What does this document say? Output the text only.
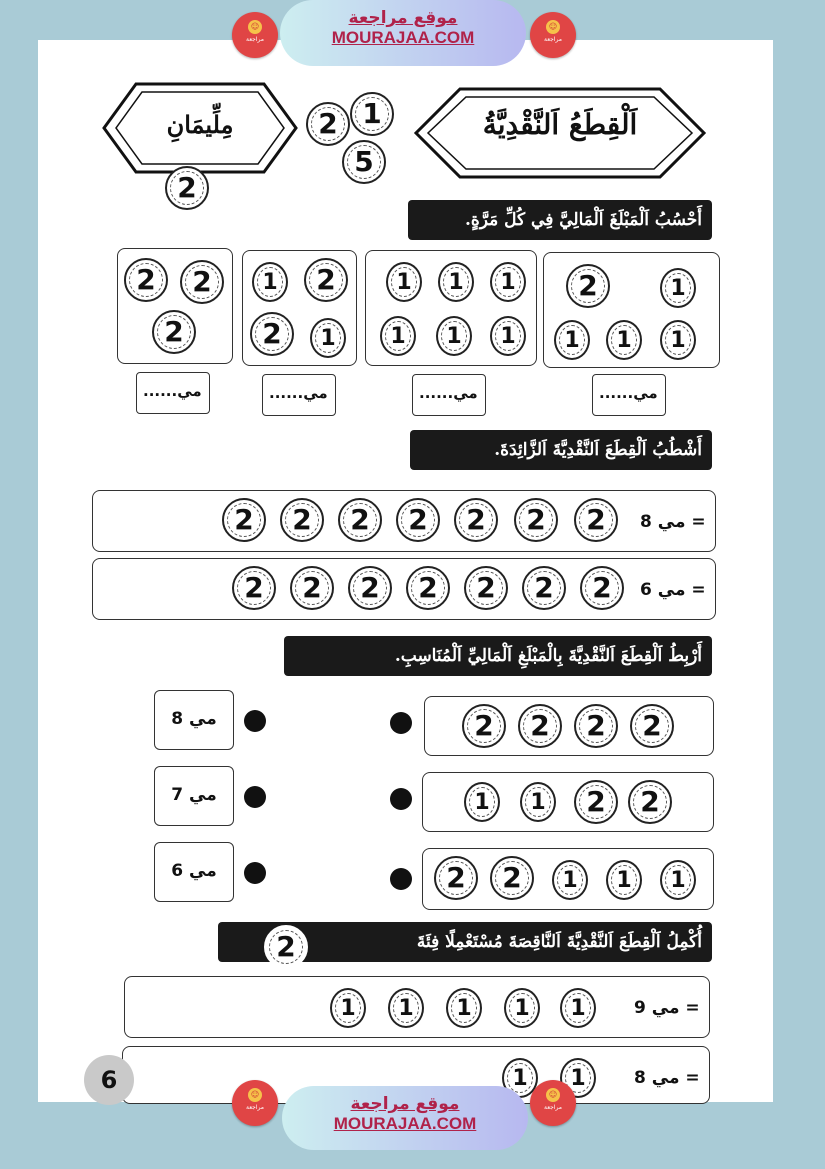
☺
مراجعة
موقع مراجعة
MOURAJAA.COM
☺
مراجعة
اَلْقِطَعُ اَلنَّقْدِيَّةُ
مِلِّيمَانِ
2
2 1
5
أَحْسُبُ اَلْمَبْلَغَ اَلْمَالِيَّ فِي كُلِّ مَرَّةٍ.
2	1
1 1 1
1 1 1
1 1 1
1 2
2 1
2 2
2
......مي
......مي
......مي
......مي
أَشْطُبُ اَلْقِطَعَ اَلنَّقْدِيَّةَ اَلزَّائِدَةَ.
8 مي =
6 مي =
2 2 2 2 2 2 2
2 2 2 2 2 2 2
أَرْبِطُ اَلْقِطَعَ اَلنَّقْدِيَّةَ بِالْمَبْلَغِ اَلْمَالِيِّ اَلْمُنَاسِبِ.
8 مي
7 مي
6 مي
2 2 2 2
2
2
1
1
1
1
1
2
2
أُكْمِلُ اَلْقِطَعَ اَلنَّقْدِيَّةَ اَلنَّاقِصَةَ مُسْتَعْمِلًا فِئَةَ
2
9 مي =
1 1 1 1 1
8 مي =
1 1
6
☺
مراجعة	موقع مراجعة
MOURAJAA.COM
☺
مراجعة
